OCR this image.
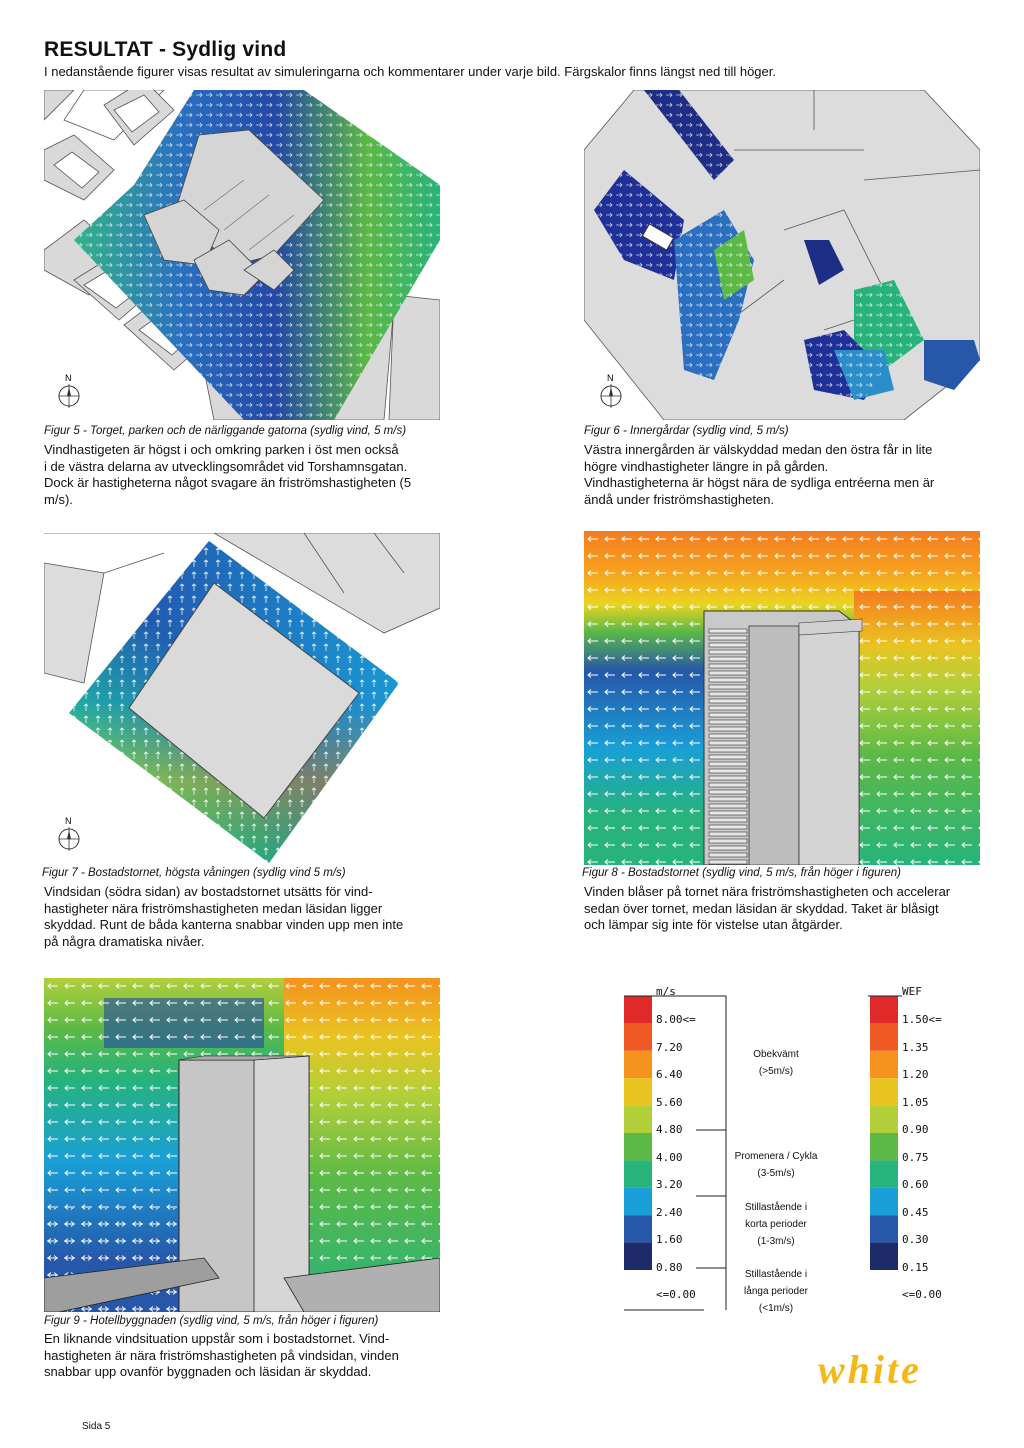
RESULTAT - Sydlig vind
I nedanstående figurer visas resultat av simuleringarna och kommentarer under varje bild. Färgskalor finns längst ned till höger.
N
Figur 5 - Torget, parken och de närliggande gatorna (sydlig vind, 5 m/s)
Vindhastigeten är högst i och omkring parken i öst men också
i de västra delarna av utvecklingsområdet vid Torshamnsgatan.
Dock är hastigheterna något svagare än friströmshastigheten (5
m/s).
N
Figur 6 - Innergårdar (sydlig vind, 5 m/s)
Västra innergården är välskyddad medan den östra får in lite
högre vindhastigheter längre in på gården.
Vindhastigheterna är högst nära de sydliga entréerna men är
ändå under friströmshastigheten.
N
Figur 7 - Bostadstornet, högsta våningen (sydlig vind 5 m/s)
Vindsidan (södra sidan) av bostadstornet utsätts för vind-
hastigheter nära friströmshastigheten medan läsidan ligger
skyddad. Runt de båda kanterna snabbar vinden upp men inte
på några dramatiska nivåer.
Figur 8 - Bostadstornet (sydlig vind, 5 m/s, från höger i figuren)
Vinden blåser på tornet nära friströmshastigheten och accelerar
sedan över tornet, medan läsidan är skyddad. Taket är blåsigt
och lämpar sig inte för vistelse utan åtgärder.
Figur 9 - Hotellbyggnaden (sydlig vind, 5 m/s, från höger i figuren)
En liknande vindsituation uppstår som i bostadstornet. Vind-
hastigheten är nära friströmshastigheten på vindsidan, vinden
snabbar upp ovanför byggnaden och läsidan är skyddad.
m/s	WEF
8.00<=
7.20
6.40
5.60
4.80
4.00
3.20
2.40
1.60
0.80
<=0.00
1.50<=
1.35
1.20
1.05
0.90
0.75
0.60
0.45
0.30
0.15
<=0.00
Obekvämt
(>5m/s)
Promenera / Cykla
(3-5m/s)
Stillastående i
korta perioder
(1-3m/s)
Stillastående i
långa perioder
(<1m/s)
Sida 5
white
